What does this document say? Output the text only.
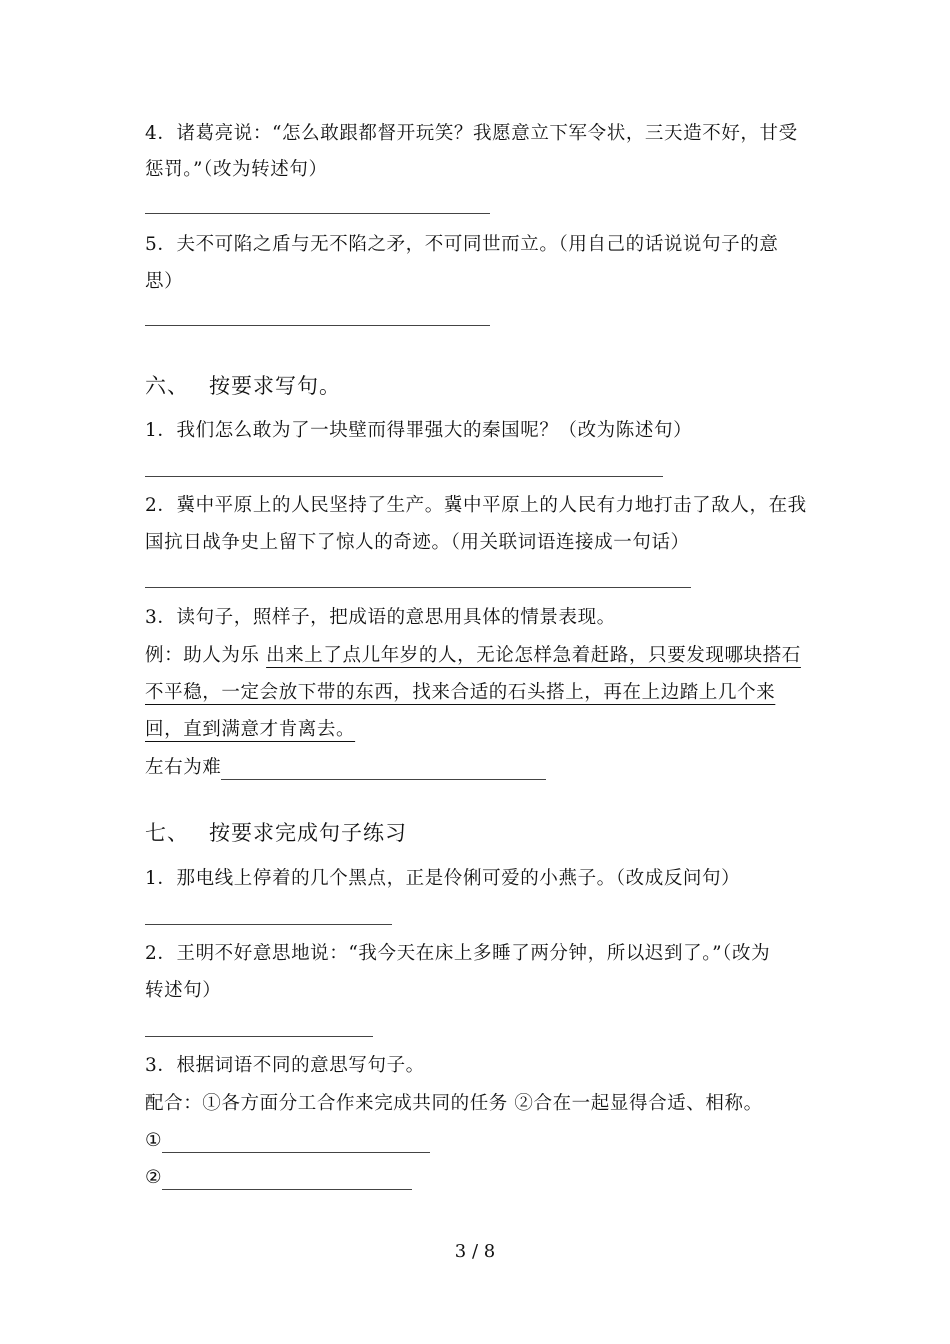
4．诸葛亮说：“怎么敢跟都督开玩笑？我愿意立下军令状，三天造不好，甘受
惩罚。”（改为转述句）
5．夫不可陷之盾与无不陷之矛，不可同世而立。（用自己的话说说句子的意
思）
六、 按要求写句。
1．我们怎么敢为了一块壁而得罪强大的秦国呢？（改为陈述句）
2．冀中平原上的人民坚持了生产。冀中平原上的人民有力地打击了敌人，在我
国抗日战争史上留下了惊人的奇迹。（用关联词语连接成一句话）
3．读句子，照样子，把成语的意思用具体的情景表现。
例：助人为乐 出来上了点儿年岁的人，无论怎样急着赶路，只要发现哪块搭石
不平稳，一定会放下带的东西，找来合适的石头搭上，再在上边踏上几个来
回，直到满意才肯离去。
左右为难
七、 按要求完成句子练习
1．那电线上停着的几个黑点，正是伶俐可爱的小燕子。（改成反问句）
2．王明不好意思地说：“我今天在床上多睡了两分钟，所以迟到了。”（改为
转述句）
3．根据词语不同的意思写句子。
配合：①各方面分工合作来完成共同的任务 ②合在一起显得合适、相称。
①
②
3 / 8
